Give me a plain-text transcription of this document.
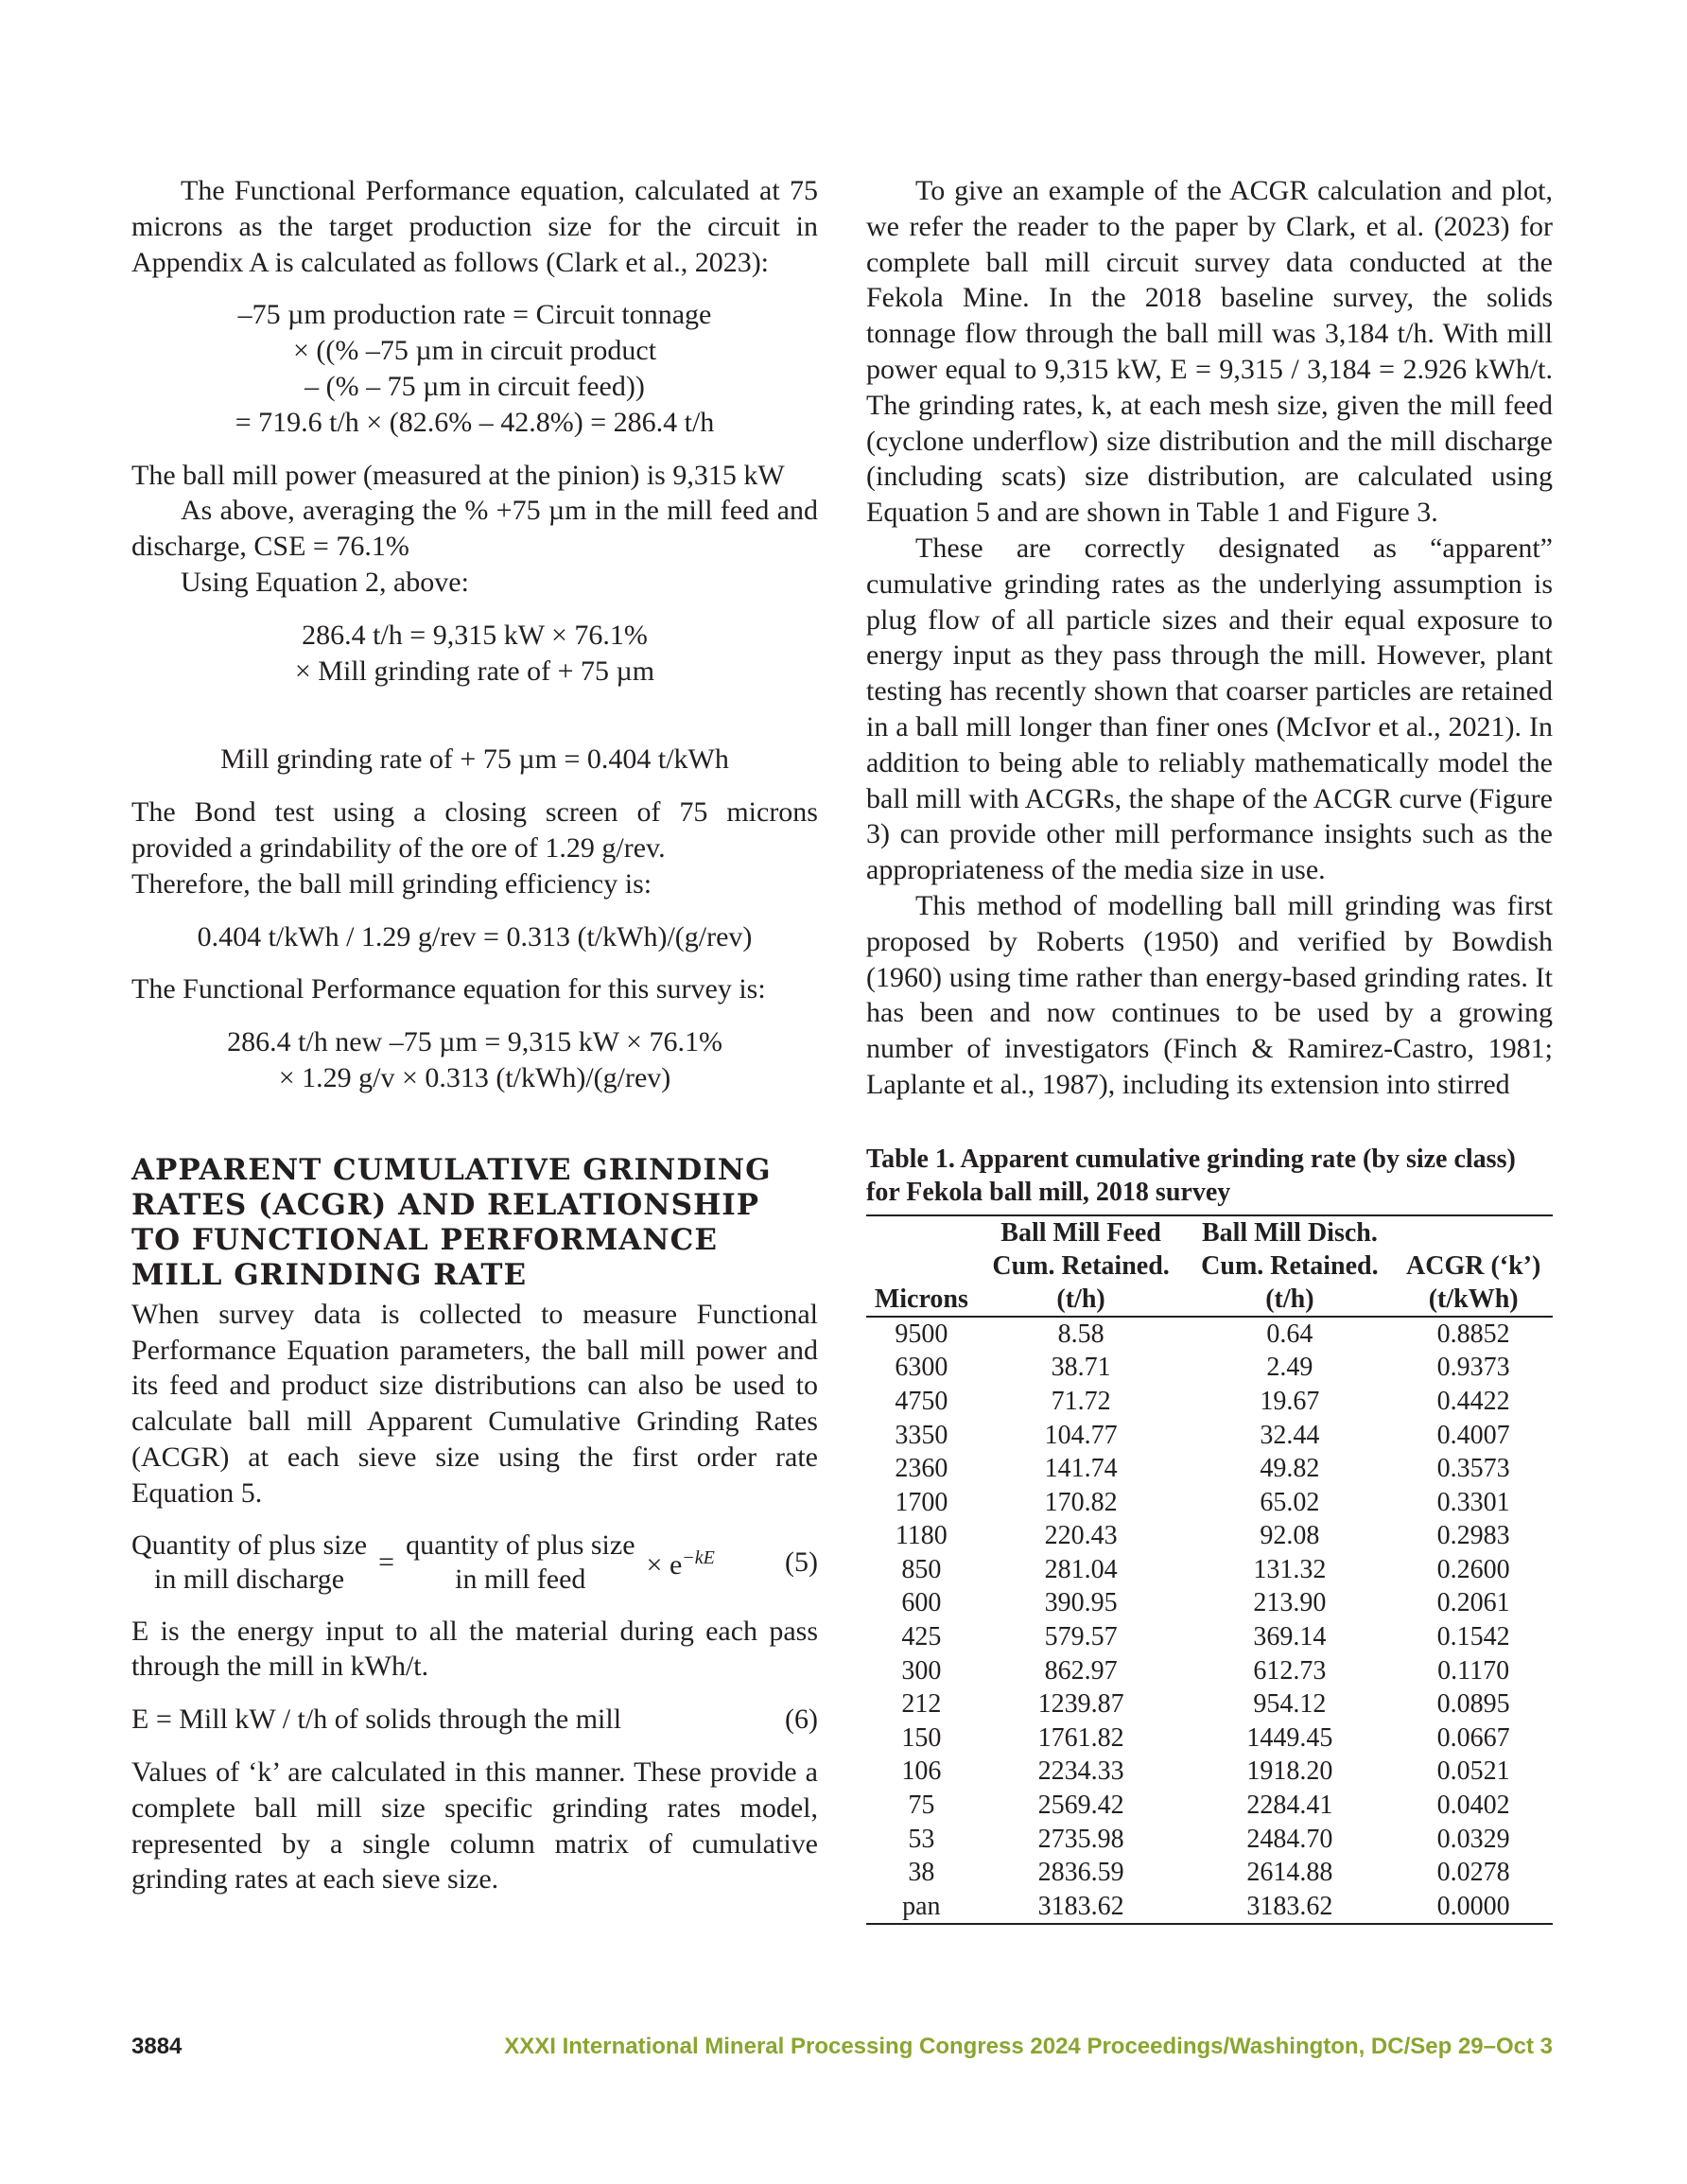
The Functional Performance equation, calculated at 75 microns as the target production size for the circuit in Appendix A is calculated as follows (Clark et al., 2023):

–75 µm production rate = Circuit tonnage

× ((% –75 µm in circuit product

– (% – 75 µm in circuit feed))

= 719.6 t/h × (82.6% – 42.8%) = 286.4 t/h

The ball mill power (measured at the pinion) is 9,315 kW

As above, averaging the % +75 µm in the mill feed and discharge, CSE = 76.1%

Using Equation 2, above:

286.4 t/h = 9,315 kW × 76.1%

× Mill grinding rate of + 75 µm

Mill grinding rate of + 75 µm = 0.404 t/kWh

The Bond test using a closing screen of 75 microns provided a grindability of the ore of 1.29 g/rev.

Therefore, the ball mill grinding efficiency is:

0.404 t/kWh / 1.29 g/rev = 0.313 (t/kWh)/(g/rev)

The Functional Performance equation for this survey is:

286.4 t/h new –75 µm = 9,315 kW × 76.1%

× 1.29 g/v × 0.313 (t/kWh)/(g/rev)

APPARENT CUMULATIVE GRINDING RATES (ACGR) AND RELATIONSHIP TO FUNCTIONAL PERFORMANCE MILL GRINDING RATE

When survey data is collected to measure Functional Performance Equation parameters, the ball mill power and its feed and product size distributions can also be used to calculate ball mill Apparent Cumulative Grinding Rates (ACGR) at each sieve size using the first order rate Equation 5.

Quantity of plus size
in mill discharge
=
quantity of plus size
in mill feed	× $e^{-kE}$ (5)

E is the energy input to all the material during each pass through the mill in kWh/t.

E = Mill kW / t/h of solids through the mill	(6)

Values of ‘k’ are calculated in this manner. These provide a complete ball mill size specific grinding rates model, represented by a single column matrix of cumulative grinding rates at each sieve size.

To give an example of the ACGR calculation and plot, we refer the reader to the paper by Clark, et al. (2023) for complete ball mill circuit survey data conducted at the Fekola Mine. In the 2018 baseline survey, the solids tonnage flow through the ball mill was 3,184 t/h. With mill power equal to 9,315 kW, E = 9,315 / 3,184 = 2.926 kWh/t. The grinding rates, k, at each mesh size, given the mill feed (cyclone underflow) size distribution and the mill discharge (including scats) size distribution, are calculated using Equation 5 and are shown in Table 1 and Figure 3.

These are correctly designated as “apparent” cumulative grinding rates as the underlying assumption is plug flow of all particle sizes and their equal exposure to energy input as they pass through the mill. However, plant testing has recently shown that coarser particles are retained in a ball mill longer than finer ones (McIvor et al., 2021). In addition to being able to reliably mathematically model the ball mill with ACGRs, the shape of the ACGR curve (Figure 3) can provide other mill performance insights such as the appropriateness of the media size in use.

This method of modelling ball mill grinding was first proposed by Roberts (1950) and verified by Bowdish (1960) using time rather than energy-based grinding rates. It has been and now continues to be used by a growing number of investigators (Finch & Ramirez-Castro, 1981; Laplante et al., 1987), including its extension into stirred

Table 1. Apparent cumulative grinding rate (by size class) for Fekola ball mill, 2018 survey

	Ball Mill Feed	Ball Mill Disch.	
	Cum. Retained.	Cum. Retained.	ACGR (‘k’)
Microns	(t/h)	(t/h)	(t/kWh)
9500	8.58	0.64	0.8852
6300	38.71	2.49	0.9373
4750	71.72	19.67	0.4422
3350	104.77	32.44	0.4007
2360	141.74	49.82	0.3573
1700	170.82	65.02	0.3301
1180	220.43	92.08	0.2983
850	281.04	131.32	0.2600
600	390.95	213.90	0.2061
425	579.57	369.14	0.1542
300	862.97	612.73	0.1170
212	1239.87	954.12	0.0895
150	1761.82	1449.45	0.0667
106	2234.33	1918.20	0.0521
75	2569.42	2284.41	0.0402
53	2735.98	2484.70	0.0329
38	2836.59	2614.88	0.0278
pan	3183.62	3183.62	0.0000
3884	XXXI International Mineral Processing Congress 2024 Proceedings/Washington, DC/Sep 29–Oct 3
